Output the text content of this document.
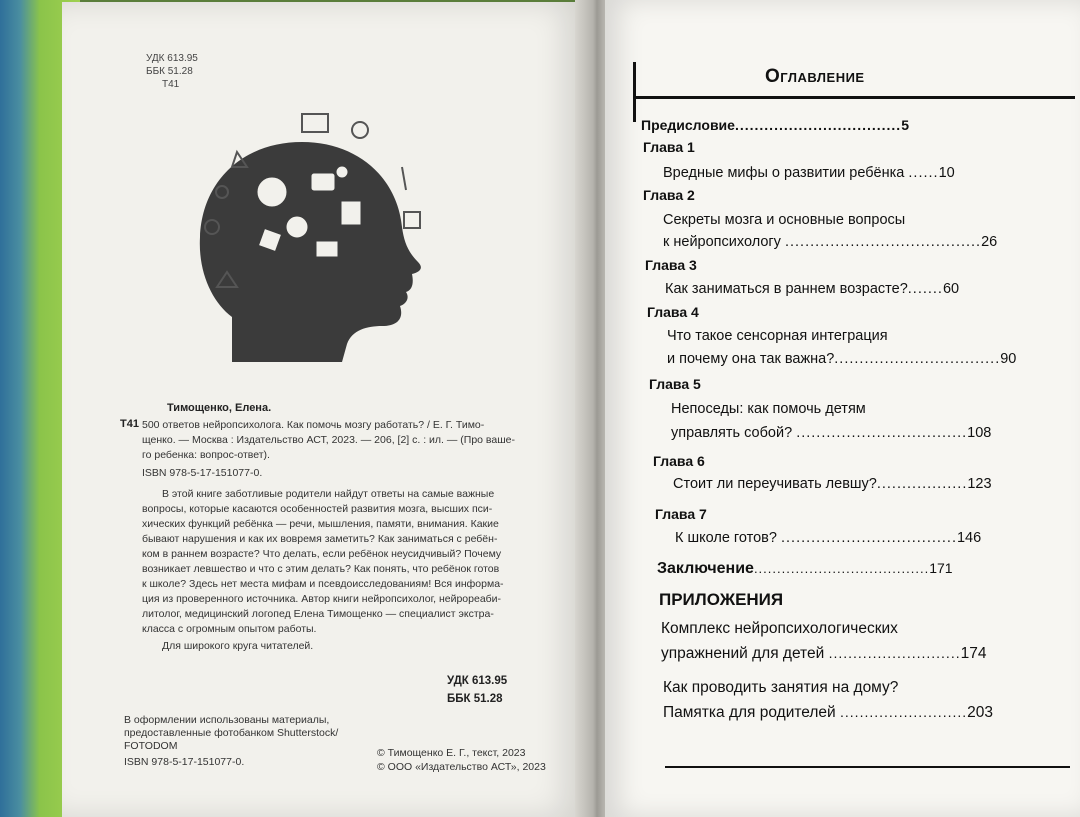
УДК 613.95
ББК 51.28
Т41
Тимощенко, Елена.
Т41 500 ответов нейропсихолога. Как помочь мозгу работать? / Е. Г. Тимо-

щенко. — Москва : Издательство АСТ, 2023. — 206, [2] с. : ил. — (Про ваше-

го ребенка: вопрос-ответ).

ISBN 978-5-17-151077-0.

В этой книге заботливые родители найдут ответы на самые важные

вопросы, которые касаются особенностей развития мозга, высших пси-

хических функций ребёнка — речи, мышления, памяти, внимания. Какие

бывают нарушения и как их вовремя заметить? Как заниматься с ребён-

ком в раннем возрасте? Что делать, если ребёнок неусидчивый? Почему

возникает левшество и что с этим делать? Как понять, что ребёнок готов

к школе? Здесь нет места мифам и псевдоисследованиям! Вся информа-

ция из проверенного источника. Автор книги нейропсихолог, нейрореаби-

литолог, медицинский логопед Елена Тимощенко — специалист экстра-

класса с огромным опытом работы.

Для широкого круга читателей.

УДК 613.95
ББК 51.28
В оформлении использованы материалы,
предоставленные фотобанком Shutterstock/
FOTODOM
ISBN 978-5-17-151077-0.
© Тимощенко Е. Г., текст, 2023
© ООО «Издательство АСТ», 2023
Оглавление
Предисловие..................................5
Глава 1
Вредные мифы о развитии ребёнка ......10
Глава 2
Секреты мозга и основные вопросы
к нейропсихологу .......................................26
Глава 3
Как заниматься в раннем возрасте?.......60
Глава 4
Что такое сенсорная интеграция
и почему она так важна?.................................90
Глава 5
Непоседы: как помочь детям
управлять собой? ..................................108
Глава 6
Стоит ли переучивать левшу?..................123
Глава 7
К школе готов? ...................................146
Заключение......................................171
ПРИЛОЖЕНИЯ
Комплекс нейропсихологических
упражнений для детей ...........................174
Как проводить занятия на дому?
Памятка для родителей ..........................203
